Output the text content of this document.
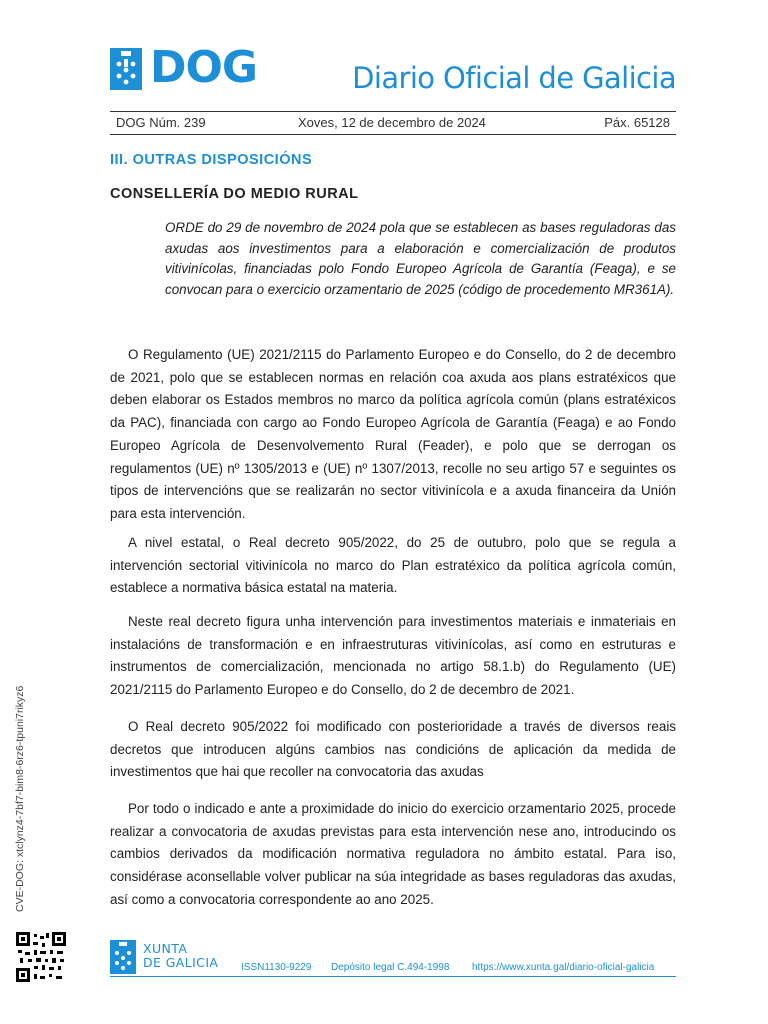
DOG	Diario Oficial de Galicia
DOG Núm. 239	Xoves, 12 de decembro de 2024	Páx. 65128
III. OUTRAS DISPOSICIÓNS
CONSELLERÍA DO MEDIO RURAL
ORDE do 29 de novembro de 2024 pola que se establecen as bases reguladoras das axudas aos investimentos para a elaboración e comercialización de produtos vitivinícolas, financiadas polo Fondo Europeo Agrícola de Garantía (Feaga), e se convocan para o exercicio orzamentario de 2025 (código de procedemento MR361A).
O Regulamento (UE) 2021/2115 do Parlamento Europeo e do Consello, do 2 de decembro de 2021, polo que se establecen normas en relación coa axuda aos plans estratéxicos que deben elaborar os Estados membros no marco da política agrícola común (plans estratéxicos da PAC), financiada con cargo ao Fondo Europeo Agrícola de Garantía (Feaga) e ao Fondo Europeo Agrícola de Desenvolvemento Rural (Feader), e polo que se derrogan os regulamentos (UE) nº 1305/2013 e (UE) nº 1307/2013, recolle no seu artigo 57 e seguintes os tipos de intervencións que se realizarán no sector vitivinícola e a axuda financeira da Unión para esta intervención.
A nivel estatal, o Real decreto 905/2022, do 25 de outubro, polo que se regula a intervención sectorial vitivinícola no marco do Plan estratéxico da política agrícola común, establece a normativa básica estatal na materia.
Neste real decreto figura unha intervención para investimentos materiais e inmateriais en instalacións de transformación e en infraestruturas vitivinícolas, así como en estruturas e instrumentos de comercialización, mencionada no artigo 58.1.b) do Regulamento (UE) 2021/2115 do Parlamento Europeo e do Consello, do 2 de decembro de 2021.
O Real decreto 905/2022 foi modificado con posterioridade a través de diversos reais decretos que introducen algúns cambios nas condicións de aplicación da medida de investimentos que hai que recoller na convocatoria das axudas
Por todo o indicado e ante a proximidade do inicio do exercicio orzamentario 2025, procede realizar a convocatoria de axudas previstas para esta intervención nese ano, introducindo os cambios derivados da modificación normativa reguladora no ámbito estatal. Para iso, considérase aconsellable volver publicar na súa integridade as bases reguladoras das axudas, así como a convocatoria correspondente ao ano 2025.
CVE-DOG: xtclynz4-7bf7-bim8-6rz6-tpuni7rikyz6
XUNTA
DE GALICIA ISSN1130-9229 Depósito legal C.494-1998 https://www.xunta.gal/diario-oficial-galicia
